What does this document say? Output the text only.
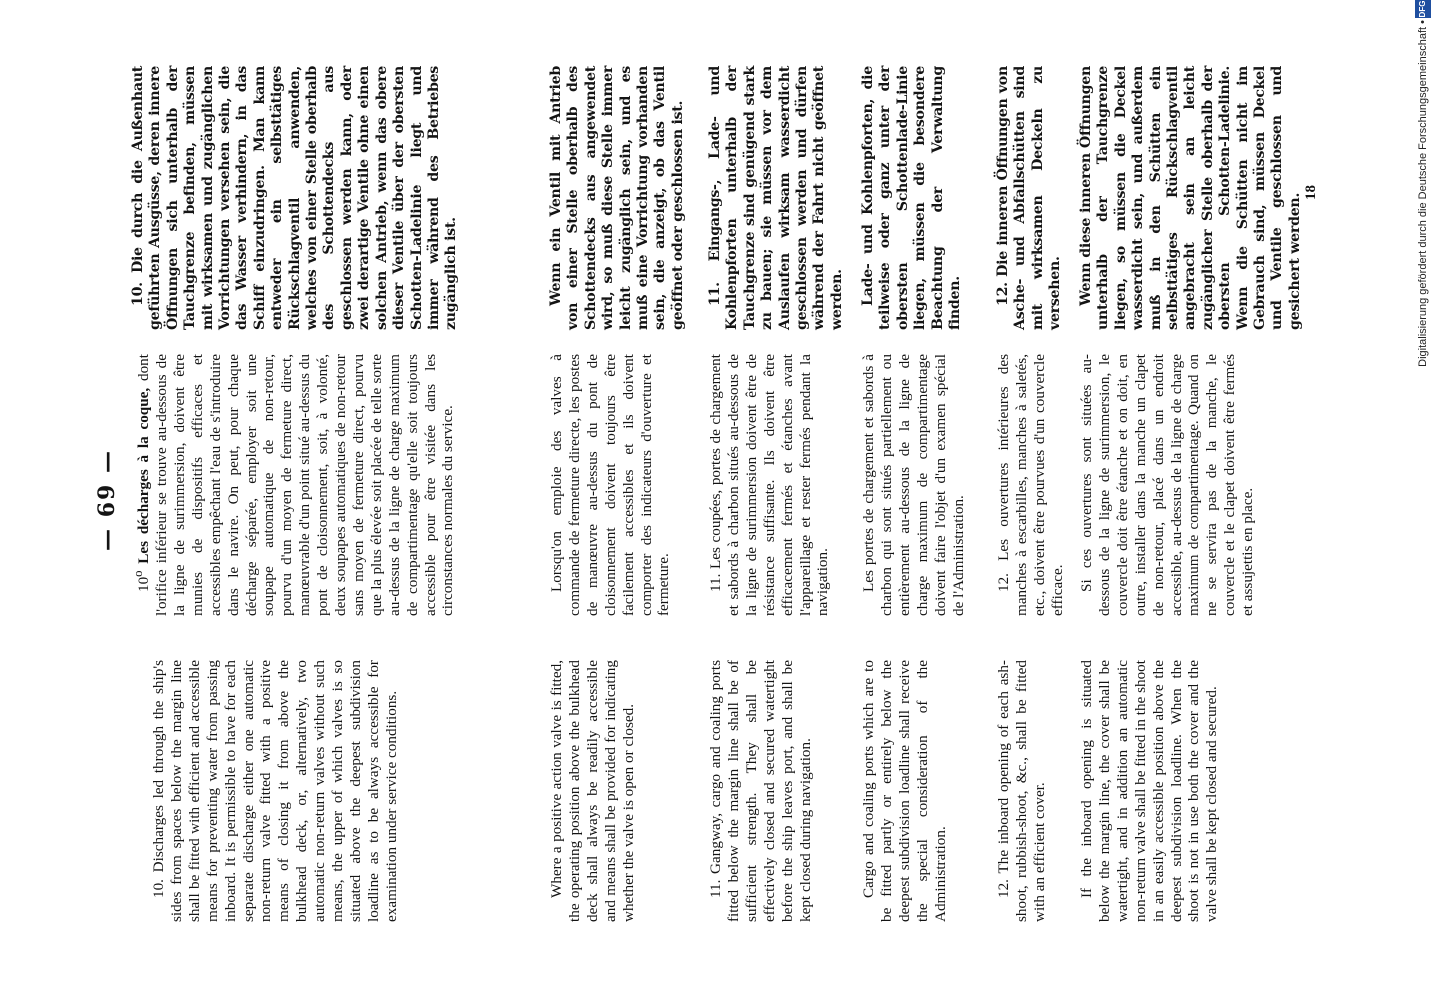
— 69 —

10. Discharges led through the ship's sides from spaces below the margin line shall be fitted with efficient and accessible means for preventing water from passing inboard. It is permissible to have for each separate discharge either one automatic non-return valve fitted with a positive means of closing it from above the bulkhead deck, or, alternatively, two automatic non-return valves without such means, the upper of which valves is so situated above the deepest subdivision loadline as to be always accessible for examination under service conditions.	Where a positive action valve is fitted, the operating position above the bulkhead deck shall always be readily accessible and means shall be provided for indicating whether the valve is open or closed.	11. Gangway, cargo and coaling ports fitted below the margin line shall be of sufficient strength. They shall be effectively closed and secured watertight before the ship leaves port, and shall be kept closed during navigation.	Cargo and coaling ports which are to be fitted partly or entirely below the deepest subdivision loadline shall receive the special consideration of the Administration.	12. The inboard opening of each ash-shoot, rubbish-shoot, &c., shall be fitted with an efficient cover. If the inboard opening is situated below the margin line, the cover shall be watertight, and in addition an automatic non-return valve shall be fitted in the shoot in an easily accessible position above the deepest subdivision loadline. When the shoot is not in use both the cover and the valve shall be kept closed and secured.

10$^o$ Les décharges à la coque, dont l'orifice inférieur se trouve au-dessous de la ligne de surimmersion, doivent être munies de dispositifs efficaces et accessibles empêchant l'eau de s'introduire dans le navire. On peut, pour chaque décharge séparée, employer soit une soupape automatique de non-retour, pourvu d'un moyen de fermeture direct, manœuvrable d'un point situé au-dessus du pont de cloisonnement, soit, à volonté, deux soupapes automatiques de non-retour sans moyen de fermeture direct, pourvu que la plus élevée soit placée de telle sorte au-dessus de la ligne de charge maximum de compartimentage qu'elle soit toujours accessible pour être visitée dans les circonstances normales du service.	Lorsqu'on emploie des valves à commande de fermeture directe, les postes de manœuvre au-dessus du pont de cloisonnement doivent toujours être facilement accessibles et ils doivent comporter des indicateurs d'ouverture et fermeture. 11. Les coupées, portes de chargement et sabords à charbon situés au-dessous de la ligne de surimmersion doivent être de résistance suffisante. Ils doivent être efficacement fermés et étanches avant l'appareillage et rester fermés pendant la navigation. Les portes de chargement et sabords à charbon qui sont situés partiellement ou entièrement au-dessous de la ligne de charge maximum de compartimentage doivent faire l'objet d'un examen spécial de l'Administration. 12. Les ouvertures intérieures des manches à escarbilles, manches à saletés, etc., doivent être pourvues d'un couvercle efficace. Si ces ouvertures sont situées au-dessous de la ligne de surimmersion, le couvercle doit être étanche et on doit, en outre, installer dans la manche un clapet de non-retour, placé dans un endroit accessible, au-dessus de la ligne de charge maximum de compartimentage. Quand on ne se servira pas de la manche, le couvercle et le clapet doivent être fermés et assujettis en place.

10. Die durch die Außenhaut geführten Ausgüsse, deren innere Öffnungen sich unterhalb der Tauchgrenze befinden, müssen mit wirksamen und zugänglichen Vorrichtungen versehen sein, die das Wasser verhindern, in das Schiff einzudringen. Man kann entweder ein selbsttätiges Rückschlagventil anwenden, welches von einer Stelle oberhalb des Schottendecks aus geschlossen werden kann, oder zwei derartige Ventile ohne einen solchen Antrieb, wenn das obere dieser Ventile über der obersten Schotten-Ladelinie liegt und immer während des Betriebes zugänglich ist.	Wenn ein Ventil mit Antrieb von einer Stelle oberhalb des Schottendecks aus angewendet wird, so muß diese Stelle immer leicht zugänglich sein, und es muß eine Vorrichtung vorhanden sein, die anzeigt, ob das Ventil geöffnet oder geschlossen ist. 11. Eingangs-, Lade- und Kohlenpforten unterhalb der Tauchgrenze sind genügend stark zu bauen; sie müssen vor dem Auslaufen wirksam wasserdicht geschlossen werden und dürfen während der Fahrt nicht geöffnet werden. Lade- und Kohlenpforten, die teilweise oder ganz unter der obersten Schottenlade-Linie liegen, müssen die besondere Beachtung der Verwaltung finden. 12. Die inneren Öffnungen von Asche- und Abfallschütten sind mit wirksamen Deckeln zu versehen. Wenn diese inneren Öffnungen unterhalb der Tauchgrenze liegen, so müssen die Deckel wasserdicht sein, und außerdem muß in den Schütten ein selbsttätiges Rückschlagventil angebracht sein an leicht zugänglicher Stelle oberhalb der obersten Schotten-Ladelinie. Wenn die Schütten nicht im Gebrauch sind, müssen Deckel und Ventile geschlossen und gesichert werden.

18	Digitalisierung gefördert durch die Deutsche Forschungsgemeinschaft •
DFG
